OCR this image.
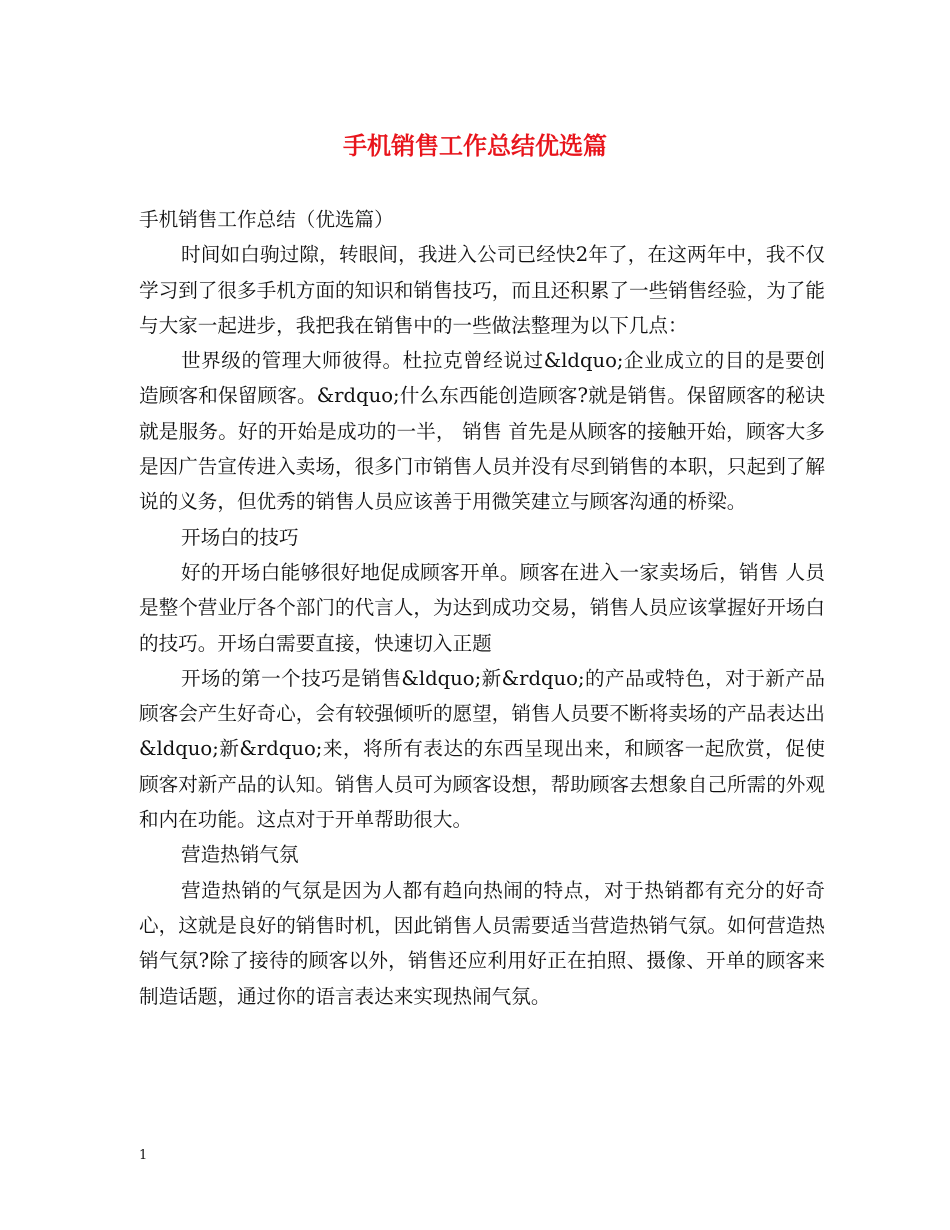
手机销售工作总结优选篇

手机销售工作总结（优选篇）

时间如白驹过隙，转眼间，我进入公司已经快2年了，在这两年中，我不仅学习到了很多手机方面的知识和销售技巧，而且还积累了一些销售经验，为了能与大家一起进步，我把我在销售中的一些做法整理为以下几点：

世界级的管理大师彼得。杜拉克曾经说过&ldquo;企业成立的目的是要创造顾客和保留顾客。&rdquo;什么东西能创造顾客?就是销售。保留顾客的秘诀就是服务。好的开始是成功的一半， 销售 首先是从顾客的接触开始，顾客大多是因广告宣传进入卖场，很多门市销售人员并没有尽到销售的本职，只起到了解说的义务，但优秀的销售人员应该善于用微笑建立与顾客沟通的桥梁。

开场白的技巧

好的开场白能够很好地促成顾客开单。顾客在进入一家卖场后，销售 人员是整个营业厅各个部门的代言人，为达到成功交易，销售人员应该掌握好开场白的技巧。开场白需要直接，快速切入正题

开场的第一个技巧是销售&ldquo;新&rdquo;的产品或特色，对于新产品顾客会产生好奇心，会有较强倾听的愿望，销售人员要不断将卖场的产品表达出&ldquo;新&rdquo;来，将所有表达的东西呈现出来，和顾客一起欣赏，促使顾客对新产品的认知。销售人员可为顾客设想，帮助顾客去想象自己所需的外观和内在功能。这点对于开单帮助很大。

营造热销气氛

营造热销的气氛是因为人都有趋向热闹的特点，对于热销都有充分的好奇心，这就是良好的销售时机，因此销售人员需要适当营造热销气氛。如何营造热销气氛?除了接待的顾客以外，销售还应利用好正在拍照、摄像、开单的顾客来制造话题，通过你的语言表达来实现热闹气氛。

1
